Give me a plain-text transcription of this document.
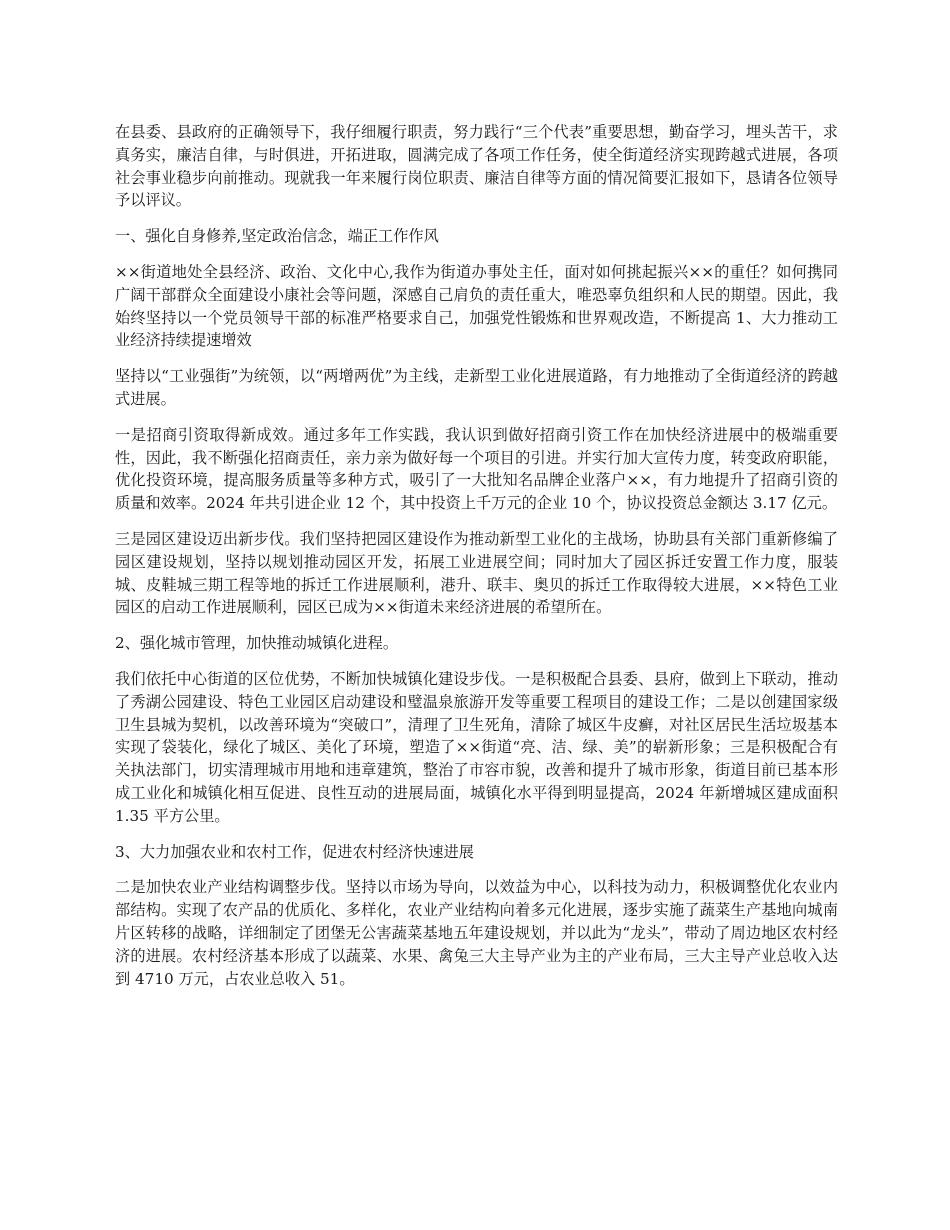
在县委、县政府的正确领导下，我仔细履行职责，努力践行“三个代表”重要思想，勤奋学习，埋头苦干，求真务实，廉洁自律，与时俱进，开拓进取，圆满完成了各项工作任务，使全街道经济实现跨越式进展，各项社会事业稳步向前推动。现就我一年来履行岗位职责、廉洁自律等方面的情况简要汇报如下，恳请各位领导予以评议。

一、强化自身修养,坚定政治信念，端正工作作风

××街道地处全县经济、政治、文化中心,我作为街道办事处主任，面对如何挑起振兴××的重任？如何携同广阔干部群众全面建设小康社会等问题，深感自己肩负的责任重大，唯恐辜负组织和人民的期望。因此，我始终坚持以一个党员领导干部的标准严格要求自己，加强党性锻炼和世界观改造，不断提高 1、大力推动工业经济持续提速增效

坚持以“工业强街”为统领，以“两增两优”为主线，走新型工业化进展道路，有力地推动了全街道经济的跨越式进展。

一是招商引资取得新成效。通过多年工作实践，我认识到做好招商引资工作在加快经济进展中的极端重要性，因此，我不断强化招商责任，亲力亲为做好每一个项目的引进。并实行加大宣传力度，转变政府职能，优化投资环境，提高服务质量等多种方式，吸引了一大批知名品牌企业落户××，有力地提升了招商引资的质量和效率。2024 年共引进企业 12 个，其中投资上千万元的企业 10 个，协议投资总金额达 3.17 亿元。

三是园区建设迈出新步伐。我们坚持把园区建设作为推动新型工业化的主战场，协助县有关部门重新修编了园区建设规划，坚持以规划推动园区开发，拓展工业进展空间；同时加大了园区拆迁安置工作力度，服装城、皮鞋城三期工程等地的拆迁工作进展顺利，港升、联丰、奥贝的拆迁工作取得较大进展，××特色工业园区的启动工作进展顺利，园区已成为××街道未来经济进展的希望所在。

2、强化城市管理，加快推动城镇化进程。

我们依托中心街道的区位优势，不断加快城镇化建设步伐。一是积极配合县委、县府，做到上下联动，推动了秀湖公园建设、特色工业园区启动建设和璧温泉旅游开发等重要工程项目的建设工作；二是以创建国家级卫生县城为契机，以改善环境为“突破口”，清理了卫生死角，清除了城区牛皮癣，对社区居民生活垃圾基本实现了袋装化，绿化了城区、美化了环境，塑造了××街道“亮、洁、绿、美”的崭新形象；三是积极配合有关执法部门，切实清理城市用地和违章建筑，整治了市容市貌，改善和提升了城市形象，街道目前已基本形成工业化和城镇化相互促进、良性互动的进展局面，城镇化水平得到明显提高，2024 年新增城区建成面积 1.35 平方公里。

3、大力加强农业和农村工作，促进农村经济快速进展

二是加快农业产业结构调整步伐。坚持以市场为导向，以效益为中心，以科技为动力，积极调整优化农业内部结构。实现了农产品的优质化、多样化，农业产业结构向着多元化进展，逐步实施了蔬菜生产基地向城南片区转移的战略，详细制定了团堡无公害蔬菜基地五年建设规划，并以此为“龙头”，带动了周边地区农村经济的进展。农村经济基本形成了以蔬菜、水果、禽兔三大主导产业为主的产业布局，三大主导产业总收入达到 4710 万元，占农业总收入 51。
